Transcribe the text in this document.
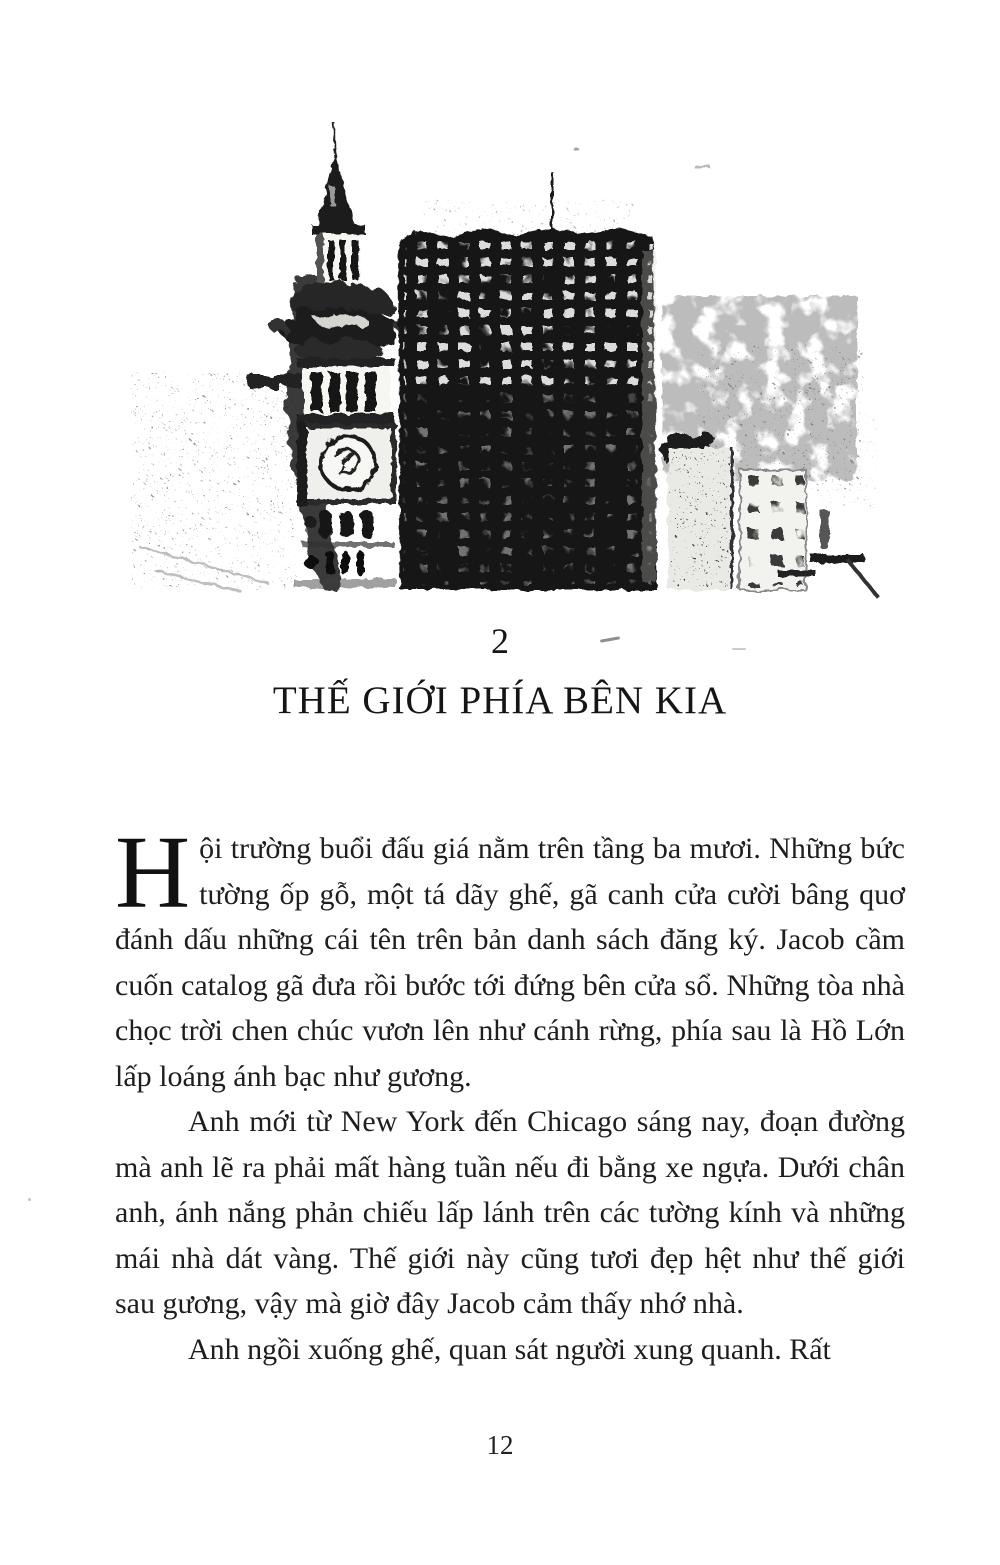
2
THẾ GIỚI PHÍA BÊN KIA

Hội trường buổi đấu giá nằm trên tầng ba mươi. Những bức tường ốp gỗ, một tá dãy ghế, gã canh cửa cười bâng quơ đánh dấu những cái tên trên bản danh sách đăng ký. Jacob cầm cuốn catalog gã đưa rồi bước tới đứng bên cửa sổ. Những tòa nhà chọc trời chen chúc vươn lên như cánh rừng, phía sau là Hồ Lớn lấp loáng ánh bạc như gương.

Anh mới từ New York đến Chicago sáng nay, đoạn đường mà anh lẽ ra phải mất hàng tuần nếu đi bằng xe ngựa. Dưới chân anh, ánh nắng phản chiếu lấp lánh trên các tường kính và những mái nhà dát vàng. Thế giới này cũng tươi đẹp hệt như thế giới sau gương, vậy mà giờ đây Jacob cảm thấy nhớ nhà.

Anh ngồi xuống ghế, quan sát người xung quanh. Rất

12
